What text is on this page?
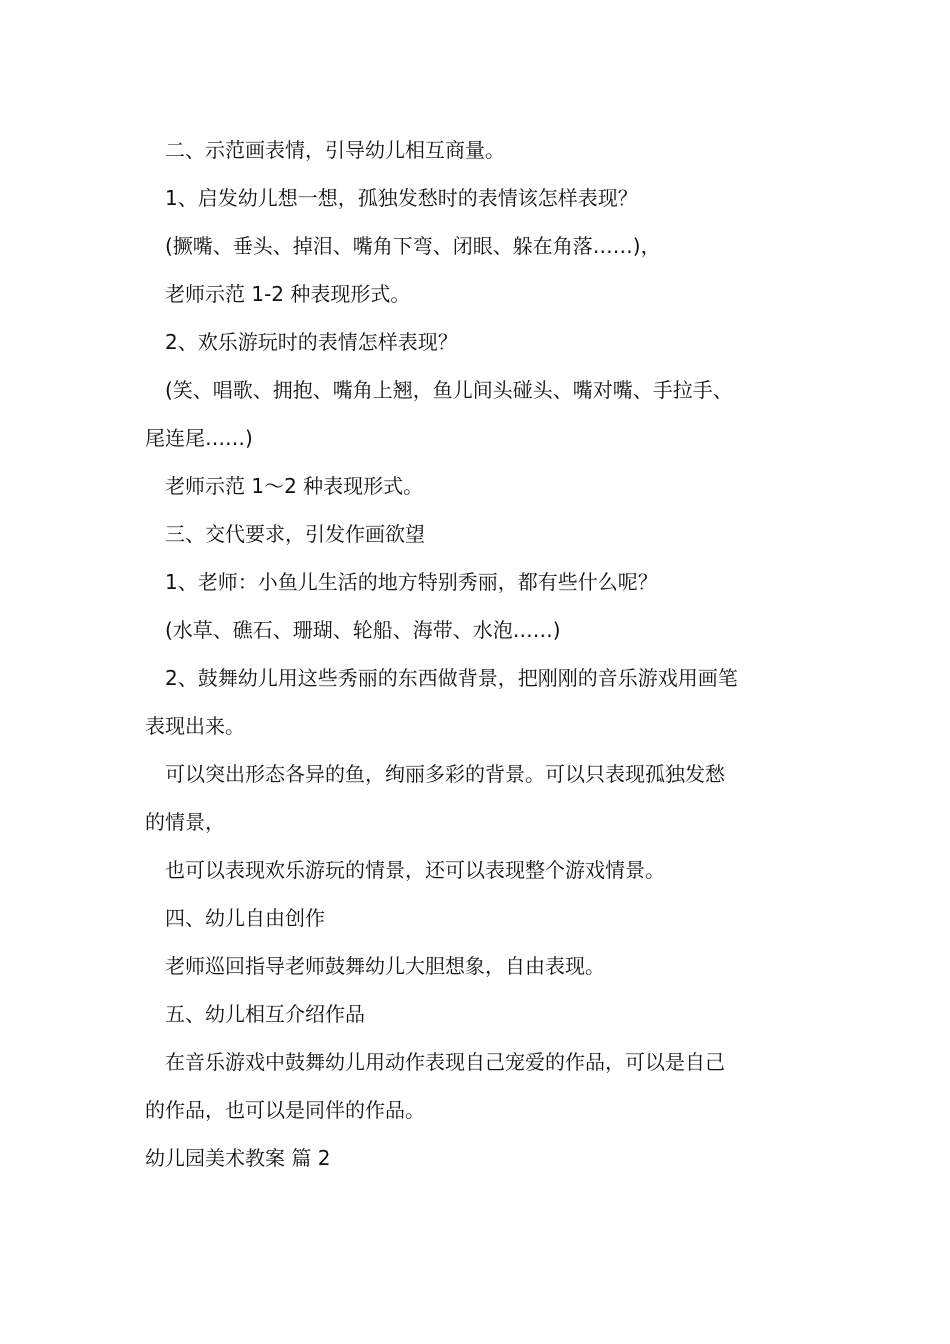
二、示范画表情，引导幼儿相互商量。

1、启发幼儿想一想，孤独发愁时的表情该怎样表现？

(撅嘴、垂头、掉泪、嘴角下弯、闭眼、躲在角落……)，

老师示范 1-2 种表现形式。

2、欢乐游玩时的表情怎样表现？

(笑、唱歌、拥抱、嘴角上翘，鱼儿间头碰头、嘴对嘴、手拉手、

尾连尾……)

老师示范 1～2 种表现形式。

三、交代要求，引发作画欲望

1、老师：小鱼儿生活的地方特别秀丽，都有些什么呢？

(水草、礁石、珊瑚、轮船、海带、水泡……)

2、鼓舞幼儿用这些秀丽的东西做背景，把刚刚的音乐游戏用画笔

表现出来。

可以突出形态各异的鱼，绚丽多彩的背景。可以只表现孤独发愁

的情景，

也可以表现欢乐游玩的情景，还可以表现整个游戏情景。

四、幼儿自由创作

老师巡回指导老师鼓舞幼儿大胆想象，自由表现。

五、幼儿相互介绍作品

在音乐游戏中鼓舞幼儿用动作表现自己宠爱的作品，可以是自己

的作品，也可以是同伴的作品。

幼儿园美术教案 篇 2
